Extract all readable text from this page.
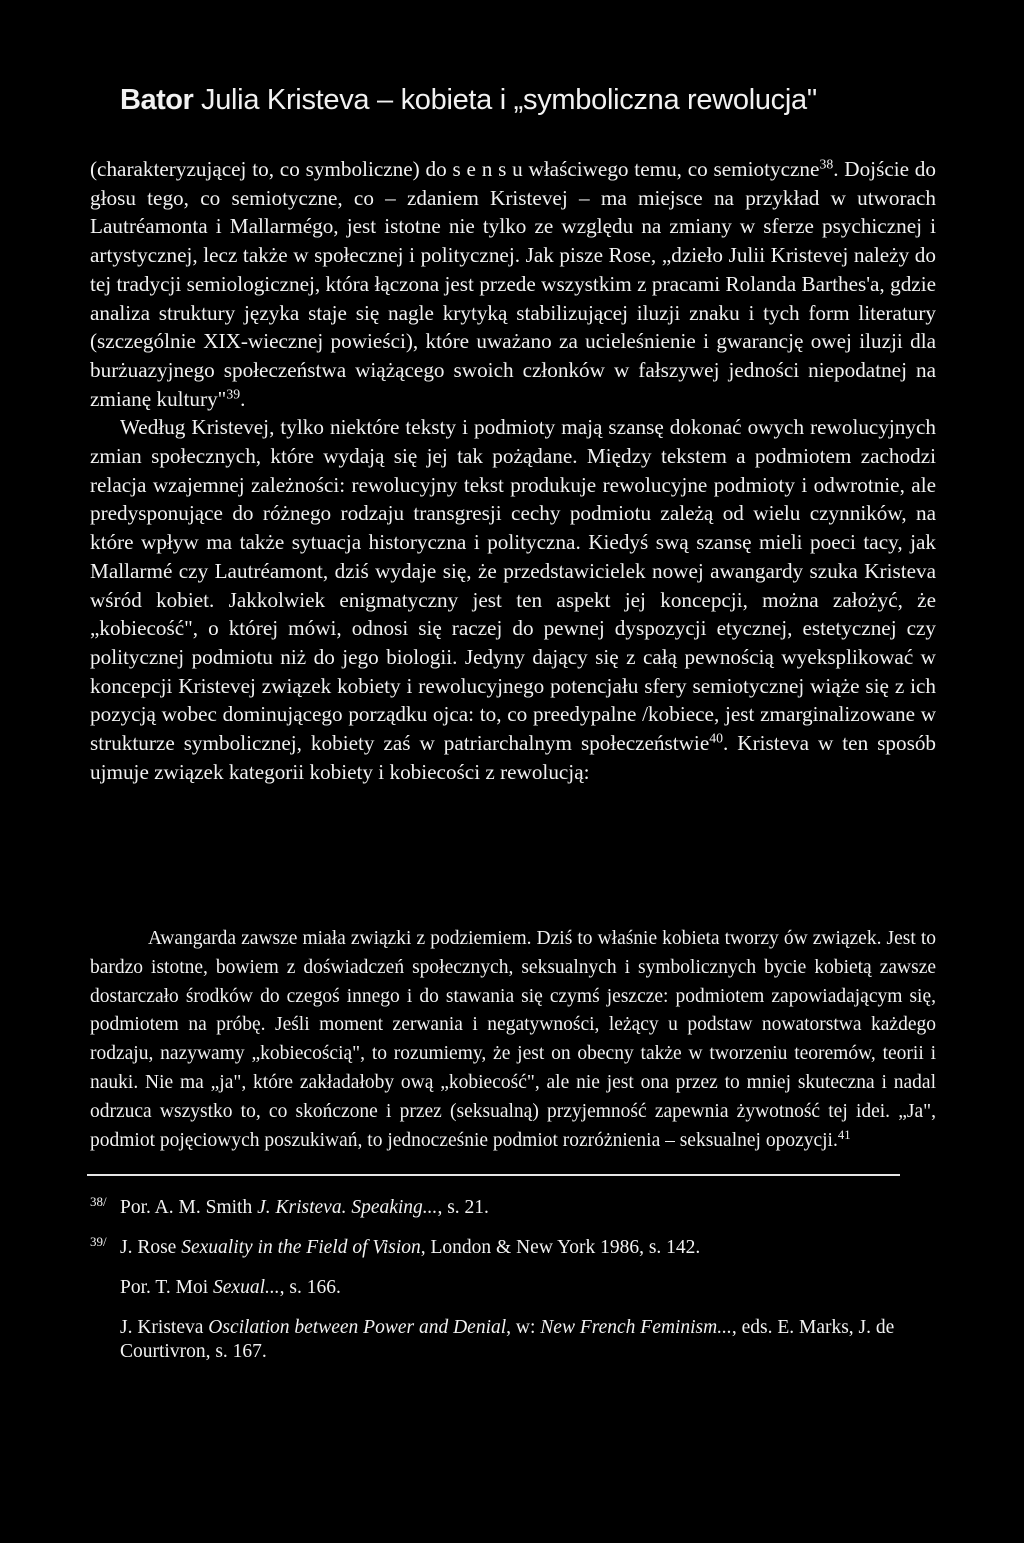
Bator Julia Kristeva – kobieta i „symboliczna rewolucja"

(charakteryzującej to, co symboliczne) do s e n s u właściwego temu, co semiotyczne$^{38}$. Dojście do głosu tego, co semiotyczne, co – zdaniem Kristevej – ma miejsce na przykład w utworach Lautréamonta i Mallarmégo, jest istotne nie tylko ze względu na zmiany w sferze psychicznej i artystycznej, lecz także w społecznej i politycznej. Jak pisze Rose, „dzieło Julii Kristevej należy do tej tradycji semiologicznej, która łączona jest przede wszystkim z pracami Rolanda Barthes'a, gdzie analiza struktury języka staje się nagle krytyką stabilizującej iluzji znaku i tych form literatury (szczególnie XIX-wiecznej powieści), które uważano za ucieleśnienie i gwarancję owej iluzji dla burżuazyjnego społeczeństwa wiążącego swoich członków w fałszywej jedności niepodatnej na zmianę kultury"$^{39}$.

Według Kristevej, tylko niektóre teksty i podmioty mają szansę dokonać owych rewolucyjnych zmian społecznych, które wydają się jej tak pożądane. Między tekstem a podmiotem zachodzi relacja wzajemnej zależności: rewolucyjny tekst produkuje rewolucyjne podmioty i odwrotnie, ale predysponujące do różnego rodzaju transgresji cechy podmiotu zależą od wielu czynników, na które wpływ ma także sytuacja historyczna i polityczna. Kiedyś swą szansę mieli poeci tacy, jak Mallarmé czy Lautréamont, dziś wydaje się, że przedstawicielek nowej awangardy szuka Kristeva wśród kobiet. Jakkolwiek enigmatyczny jest ten aspekt jej koncepcji, można założyć, że „kobiecość", o której mówi, odnosi się raczej do pewnej dyspozycji etycznej, estetycznej czy politycznej podmiotu niż do jego biologii. Jedyny dający się z całą pewnością wyeksplikować w koncepcji Kristevej związek kobiety i rewolucyjnego potencjału sfery semiotycznej wiąże się z ich pozycją wobec dominującego porządku ojca: to, co preedypalne /kobiece, jest zmarginalizowane w strukturze symbolicznej, kobiety zaś w patriarchalnym społeczeństwie$^{40}$. Kristeva w ten sposób ujmuje związek kategorii kobiety i kobiecości z rewolucją:

Awangarda zawsze miała związki z podziemiem. Dziś to właśnie kobieta tworzy ów związek. Jest to bardzo istotne, bowiem z doświadczeń społecznych, seksualnych i symbolicznych bycie kobietą zawsze dostarczało środków do czegoś innego i do stawania się czymś jeszcze: podmiotem zapowiadającym się, podmiotem na próbę. Jeśli moment zerwania i negatywności, leżący u podstaw nowatorstwa każdego rodzaju, nazywamy „kobiecością", to rozumiemy, że jest on obecny także w tworzeniu teoremów, teorii i nauki. Nie ma „ja", które zakładałoby ową „kobiecość", ale nie jest ona przez to mniej skuteczna i nadal odrzuca wszystko to, co skończone i przez (seksualną) przyjemność zapewnia żywotność tej idei. „Ja", podmiot pojęciowych poszukiwań, to jednocześnie podmiot rozróżnienia – seksualnej opozycji.$^{41}$

38/ Por. A. M. Smith J. Kristeva. Speaking..., s. 21.
39/ J. Rose Sexuality in the Field of Vision, London & New York 1986, s. 142.
Por. T. Moi Sexual..., s. 166.
J. Kristeva Oscilation between Power and Denial, w: New French Feminism..., eds. E. Marks, J. de Courtivron, s. 167.
